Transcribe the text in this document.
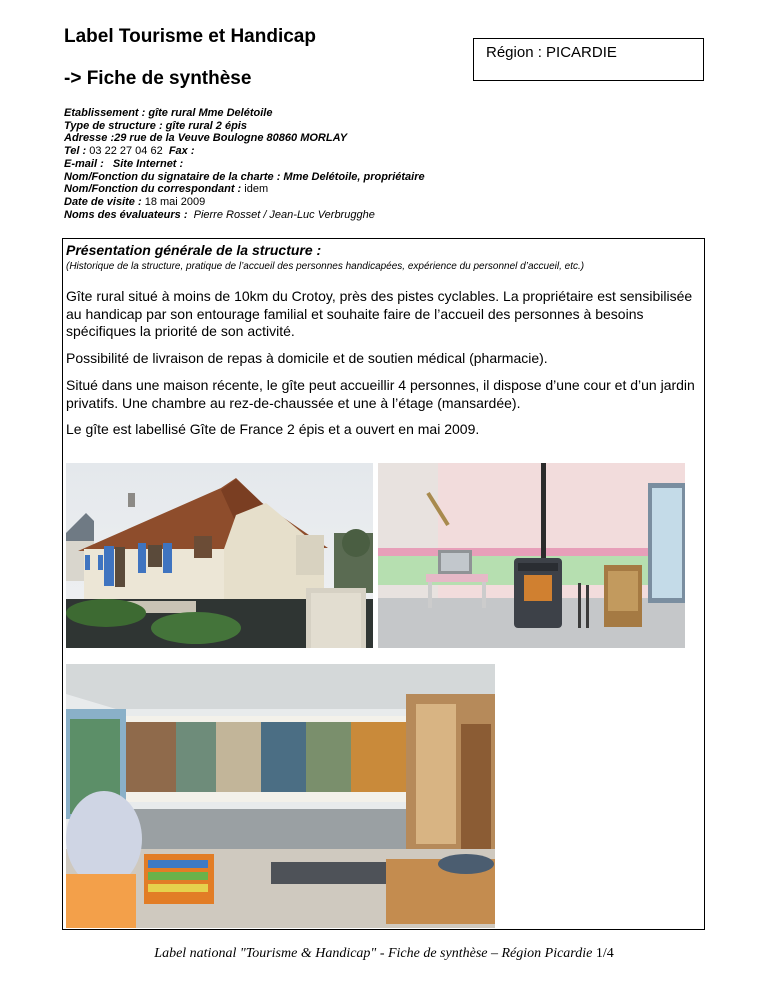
Label Tourisme et Handicap
-> Fiche de synthèse
Région : PICARDIE
Etablissement : gîte rural Mme Delétoile
Type de structure : gîte rural 2 épis
Adresse :29 rue de la Veuve Boulogne 80860 MORLAY
Tel : 03 22 27 04 62 Fax :
E-mail : Site Internet :
Nom/Fonction du signataire de la charte : Mme Delétoile, propriétaire
Nom/Fonction du correspondant : idem
Date de visite : 18 mai 2009
Noms des évaluateurs : Pierre Rosset / Jean-Luc Verbrugghe
Présentation générale de la structure :
(Historique de la structure, pratique de l’accueil des personnes handicapées, expérience du personnel d’accueil, etc.)

Gîte rural situé à moins de 10km du Crotoy, près des pistes cyclables. La propriétaire est sensibilisée au handicap par son entourage familial et souhaite faire de l’accueil des personnes à besoins spécifiques la priorité de son activité.

Possibilité de livraison de repas à domicile et de soutien médical (pharmacie).

Situé dans une maison récente, le gîte peut accueillir 4 personnes, il dispose d’une cour et d’un jardin privatifs. Une chambre au rez-de-chaussée et une à l’étage (mansardée).

Le gîte est labellisé Gîte de France 2 épis et a ouvert en mai 2009.

Label national "Tourisme & Handicap" - Fiche de synthèse – Région Picardie 1/4
